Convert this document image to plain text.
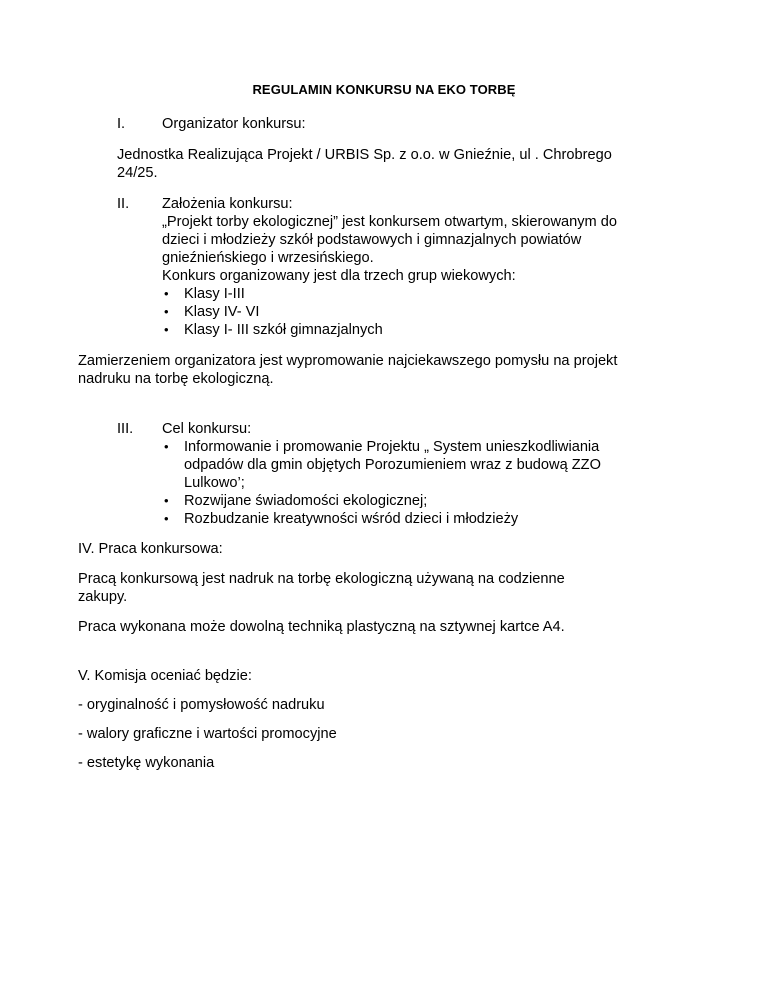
REGULAMIN KONKURSU NA EKO TORBĘ
I.	Organizator konkursu:
Jednostka Realizująca Projekt / URBIS Sp. z o.o. w Gnieźnie, ul . Chrobrego
24/25.
II. Założenia konkursu:
„Projekt torby ekologicznej” jest konkursem otwartym, skierowanym do
dzieci i młodzieży szkół podstawowych i gimnazjalnych powiatów
gnieźnieńskiego i wrzesińskiego.
Konkurs organizowany jest dla trzech grup wiekowych:
• Klasy I-III
• Klasy IV- VI
• Klasy I- III szkół gimnazjalnych
Zamierzeniem organizatora jest wypromowanie najciekawszego pomysłu na projekt
nadruku na torbę ekologiczną.
III. Cel konkursu:
• Informowanie i promowanie Projektu „ System unieszkodliwiania
odpadów dla gmin objętych Porozumieniem wraz z budową ZZO
Lulkowo’;
• Rozwijane świadomości ekologicznej;
• Rozbudzanie kreatywności wśród dzieci i młodzieży
IV. Praca konkursowa:
Pracą konkursową jest nadruk na torbę ekologiczną używaną na codzienne
zakupy.
Praca wykonana może dowolną techniką plastyczną na sztywnej kartce A4.
V. Komisja oceniać będzie:
- oryginalność i pomysłowość nadruku
- walory graficzne i wartości promocyjne
- estetykę wykonania
